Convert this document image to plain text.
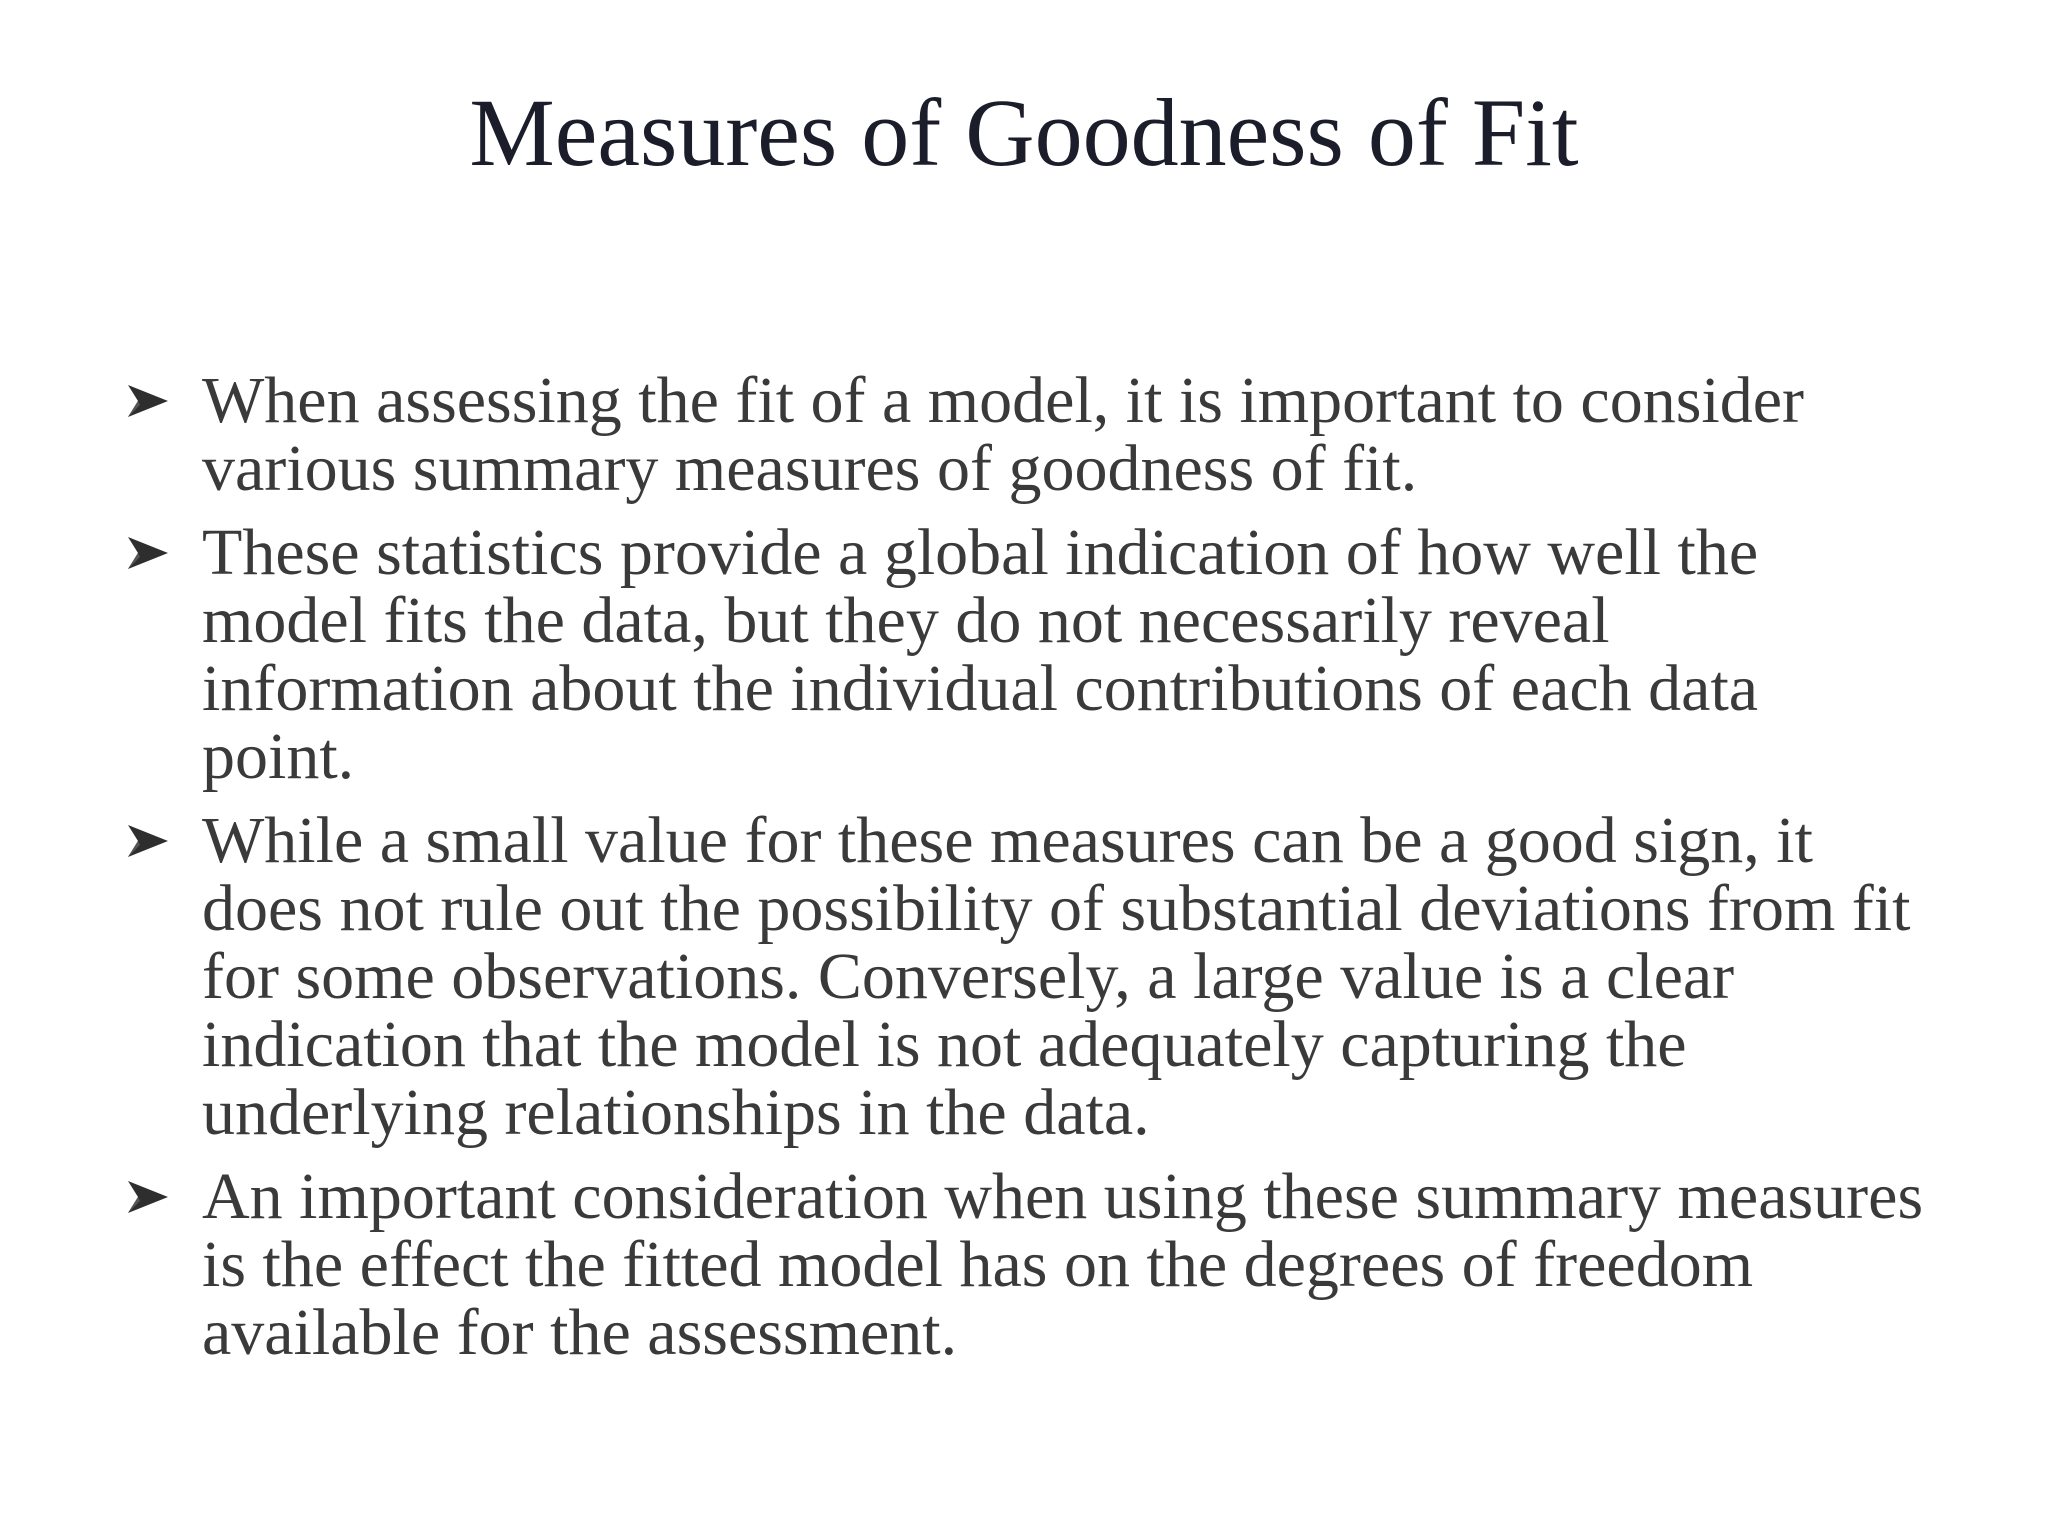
Measures of Goodness of Fit
When assessing the fit of a model, it is important to consider various summary measures of goodness of fit.
These statistics provide a global indication of how well the model fits the data, but they do not necessarily reveal information about the individual contributions of each data point.
While a small value for these measures can be a good sign, it does not rule out the possibility of substantial deviations from fit for some observations. Conversely, a large value is a clear indication that the model is not adequately capturing the underlying relationships in the data.
An important consideration when using these summary measures is the effect the fitted model has on the degrees of freedom available for the assessment.
